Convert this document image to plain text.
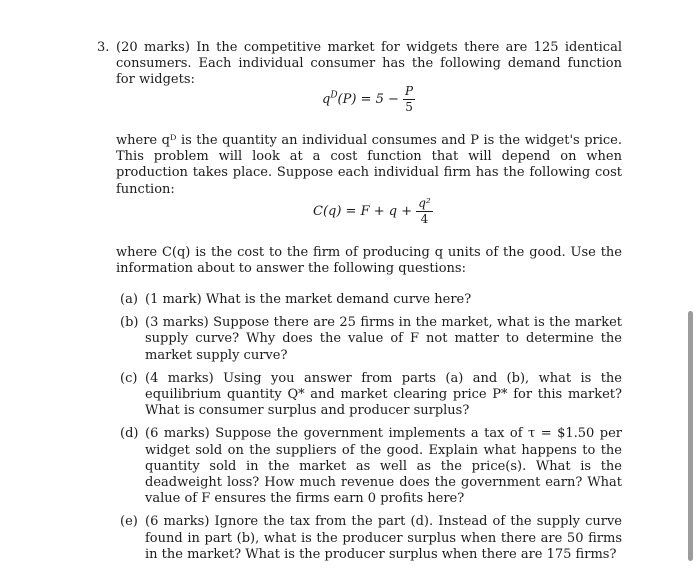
3. (20 marks) In the competitive market for widgets there are 125 identical consumers. Each individual consumer has the following demand function for widgets:
$q^D(P) = 5 - \frac{P}{5}$
where qᴰ is the quantity an individual consumes and P is the widget's price. This problem will look at a cost function that will depend on when production takes place. Suppose each individual firm has the following cost function:
$C(q) = F + q + \frac{\text{q²}}{4}$
where C(q) is the cost to the firm of producing q units of the good. Use the information about to answer the following questions:
(a) (1 mark) What is the market demand curve here?
(b) (3 marks) Suppose there are 25 firms in the market, what is the market supply curve? Why does the value of F not matter to determine the market supply curve?
(c) (4 marks) Using you answer from parts (a) and (b), what is the equilibrium quantity Q* and market clearing price P* for this market? What is consumer surplus and producer surplus?
(d) (6 marks) Suppose the government implements a tax of τ = $1.50 per widget sold on the suppliers of the good. Explain what happens to the quantity sold in the market as well as the price(s). What is the deadweight loss? How much revenue does the government earn? What value of F ensures the firms earn 0 profits here?
(e) (6 marks) Ignore the tax from the part (d). Instead of the supply curve found in part (b), what is the producer surplus when there are 50 firms in the market? What is the producer surplus when there are 175 firms?
